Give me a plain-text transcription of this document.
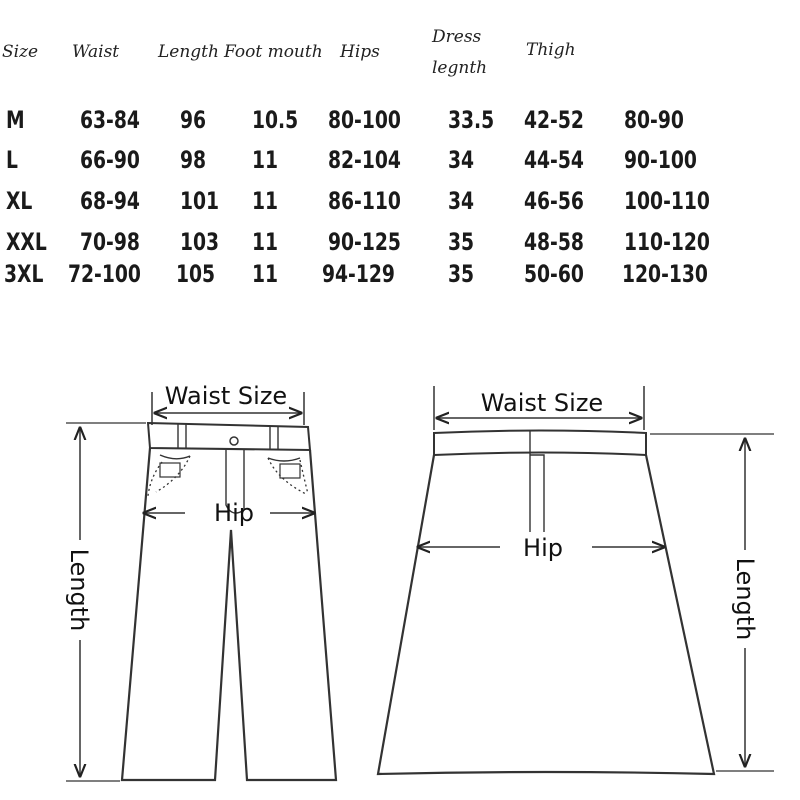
Size Waist Length Foot mouth Hips
Dress
legnth
Thigh
M 63-84 96 10.5 80-100 33.5 42-52 80-90
L	66-90 98 11 82-104 34 44-54 90-100
XL 68-94 101 11 86-110 34 46-56 100-110
XXL 70-98 103 11 90-125 35 48-58 110-120
3XL 72-100 105 11 94-129 35 50-60 120-130
Waist Size
Hip
Length
Waist Size
Hip
Length
